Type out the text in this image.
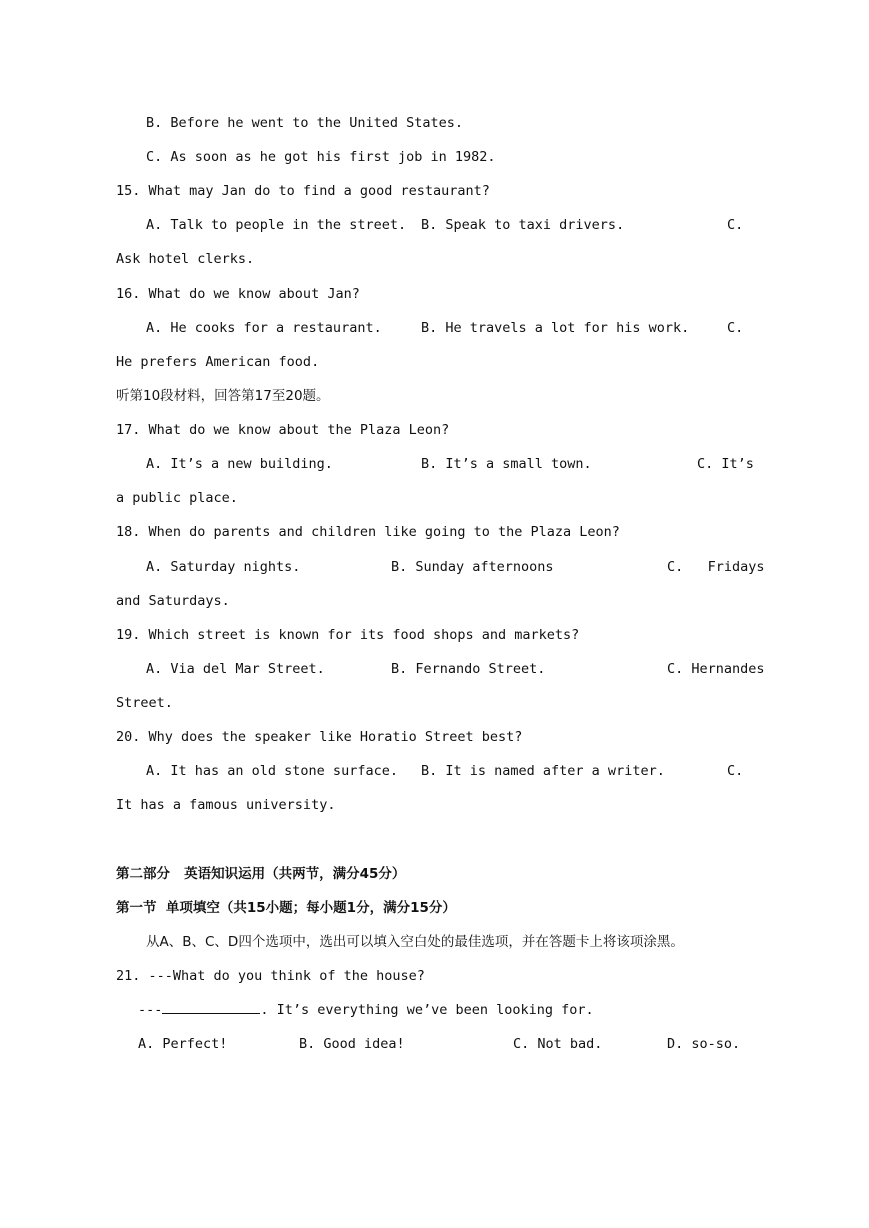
B. Before he went to the United States.
C. As soon as he got his first job in 1982.
15. What may Jan do to find a good restaurant?
A. Talk to people in the street. B. Speak to taxi drivers.	C.
Ask hotel clerks.
16. What do we know about Jan?
A. He cooks for a restaurant.	B. He travels a lot for his work.	C.
He prefers American food.
听第10段材料，回答第17至20题。
17. What do we know about the Plaza Leon?
A. It’s a new building.	B. It’s a small town.	C. It’s
a public place.
18. When do parents and children like going to the Plaza Leon?
A. Saturday nights.	B. Sunday afternoons	C.   Fridays
and Saturdays.
19. Which street is known for its food shops and markets?
A. Via del Mar Street.	B. Fernando Street.	C. Hernandes
Street.
20. Why does the speaker like Horatio Street best?
A. It has an old stone surface. B. It is named after a writer.	C.
It has a famous university.
第二部分   英语知识运用（共两节，满分45分）
第一节  单项填空（共15小题；每小题1分，满分15分）
从A、B、C、D四个选项中，选出可以填入空白处的最佳选项，并在答题卡上将该项涂黑。
21. ---What do you think of the house?
---	. It’s everything we’ve been looking for.
A. Perfect!	B. Good idea!	C. Not bad.	D. so-so.
